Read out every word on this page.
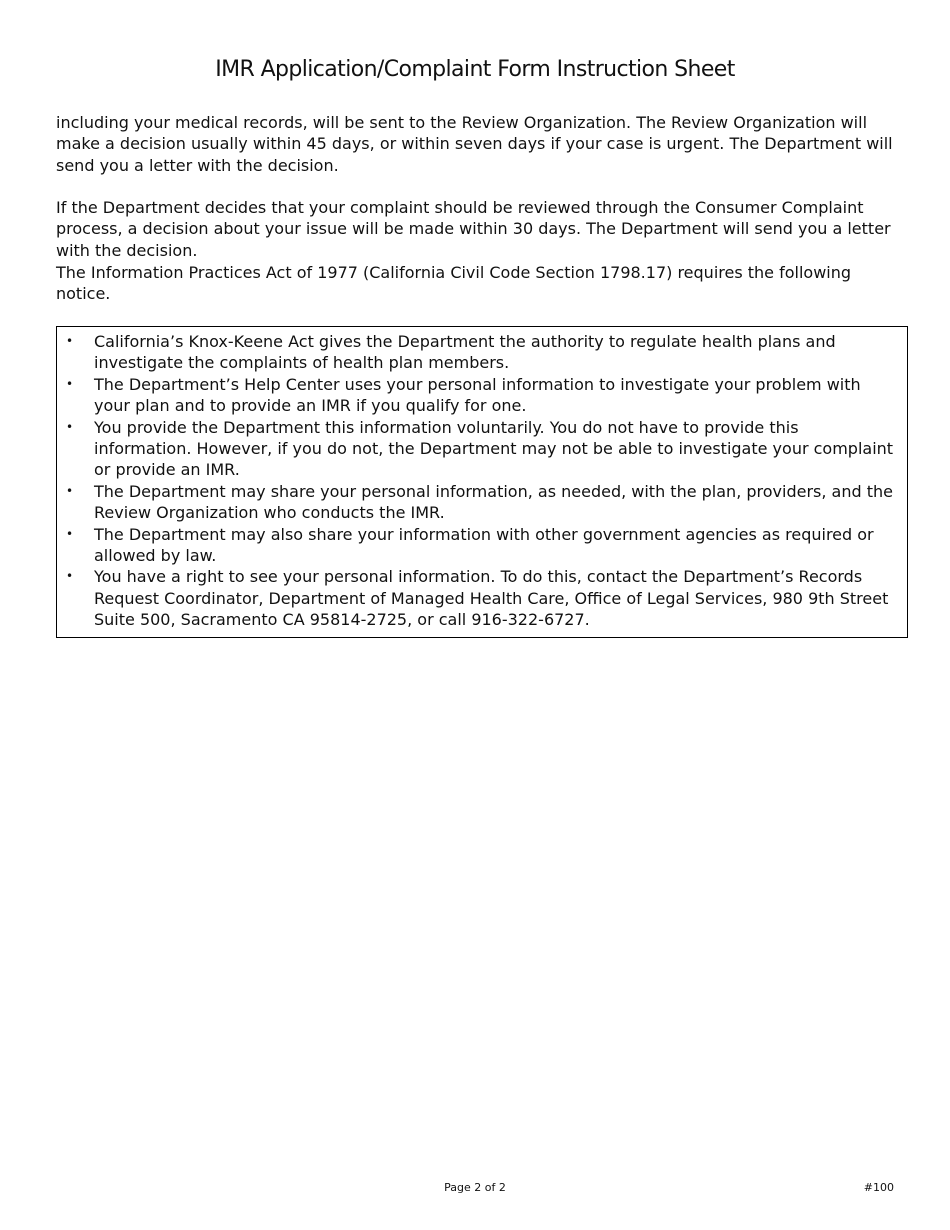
IMR Application/Complaint Form Instruction Sheet

including your medical records, will be sent to the Review Organization. The Review Organization will make a decision usually within 45 days, or within seven days if your case is urgent. The Department will send you a letter with the decision.

If the Department decides that your complaint should be reviewed through the Consumer Complaint process, a decision about your issue will be made within 30 days. The Department will send you a letter with the decision.

The Information Practices Act of 1977 (California Civil Code Section 1798.17) requires the following notice.

• California’s Knox-Keene Act gives the Department the authority to regulate health plans and investigate the complaints of health plan members.
• The Department’s Help Center uses your personal information to investigate your problem with your plan and to provide an IMR if you qualify for one.
• You provide the Department this information voluntarily. You do not have to provide this information. However, if you do not, the Department may not be able to investigate your complaint or provide an IMR.
• The Department may share your personal information, as needed, with the plan, providers, and the Review Organization who conducts the IMR.
• The Department may also share your information with other government agencies as required or allowed by law.
• You have a right to see your personal information. To do this, contact the Department’s Records Request Coordinator, Department of Managed Health Care, Office of Legal Services, 980 9th Street Suite 500, Sacramento CA 95814-2725, or call 916-322-6727.
Page 2 of 2	#100
